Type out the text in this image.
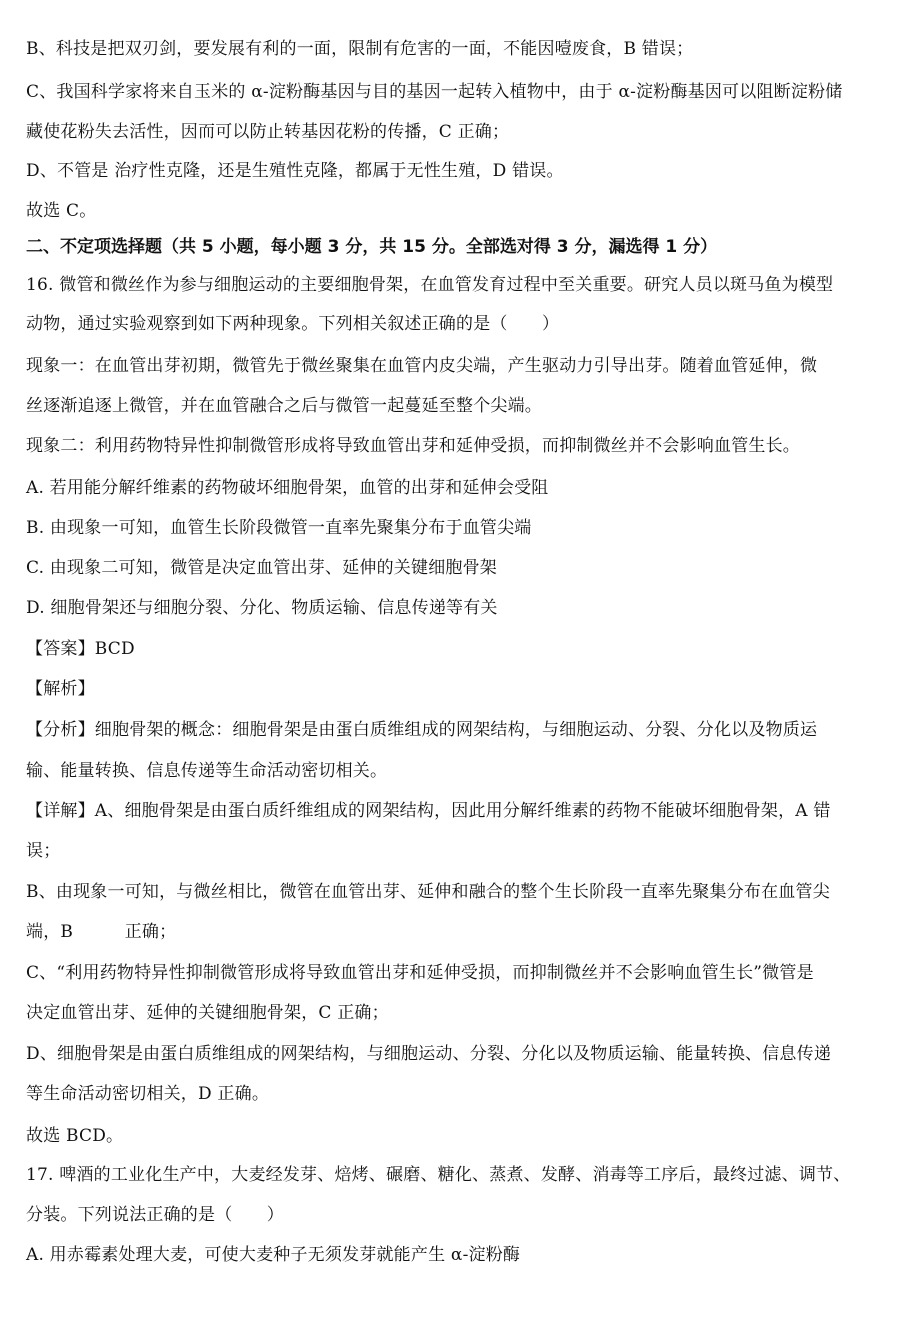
B、科技是把双刃剑，要发展有利的一面，限制有危害的一面，不能因噎废食，B 错误；
C、我国科学家将来自玉米的 α-淀粉酶基因与目的基因一起转入植物中，由于 α-淀粉酶基因可以阻断淀粉储
藏使花粉失去活性，因而可以防止转基因花粉的传播，C 正确；
D、不管是 治疗性克隆，还是生殖性克隆，都属于无性生殖，D 错误。
故选 C。
二、不定项选择题（共 5 小题，每小题 3 分，共 15 分。全部选对得 3 分，漏选得 1 分）
16. 微管和微丝作为参与细胞运动的主要细胞骨架，在血管发育过程中至关重要。研究人员以斑马鱼为模型
动物，通过实验观察到如下两种现象。下列相关叙述正确的是（　　）
现象一：在血管出芽初期，微管先于微丝聚集在血管内皮尖端，产生驱动力引导出芽。随着血管延伸，微
丝逐渐追逐上微管，并在血管融合之后与微管一起蔓延至整个尖端。
现象二：利用药物特异性抑制微管形成将导致血管出芽和延伸受损，而抑制微丝并不会影响血管生长。
A. 若用能分解纤维素的药物破坏细胞骨架，血管的出芽和延伸会受阻
B. 由现象一可知，血管生长阶段微管一直率先聚集分布于血管尖端
C. 由现象二可知，微管是决定血管出芽、延伸的关键细胞骨架
D. 细胞骨架还与细胞分裂、分化、物质运输、信息传递等有关
【答案】BCD
【解析】
【分析】细胞骨架的概念：细胞骨架是由蛋白质维组成的网架结构，与细胞运动、分裂、分化以及物质运
输、能量转换、信息传递等生命活动密切相关。
【详解】A、细胞骨架是由蛋白质纤维组成的网架结构，因此用分解纤维素的药物不能破坏细胞骨架，A 错
误；
B、由现象一可知，与微丝相比，微管在血管出芽、延伸和融合的整个生长阶段一直率先聚集分布在血管尖
端，B　　　正确；
C、“利用药物特异性抑制微管形成将导致血管出芽和延伸受损，而抑制微丝并不会影响血管生长”微管是
决定血管出芽、延伸的关键细胞骨架，C 正确；
D、细胞骨架是由蛋白质维组成的网架结构，与细胞运动、分裂、分化以及物质运输、能量转换、信息传递
等生命活动密切相关，D 正确。
故选 BCD。
17. 啤酒的工业化生产中，大麦经发芽、焙烤、碾磨、糖化、蒸煮、发酵、消毒等工序后，最终过滤、调节、
分装。下列说法正确的是（　　）
A. 用赤霉素处理大麦，可使大麦种子无须发芽就能产生 α-淀粉酶
